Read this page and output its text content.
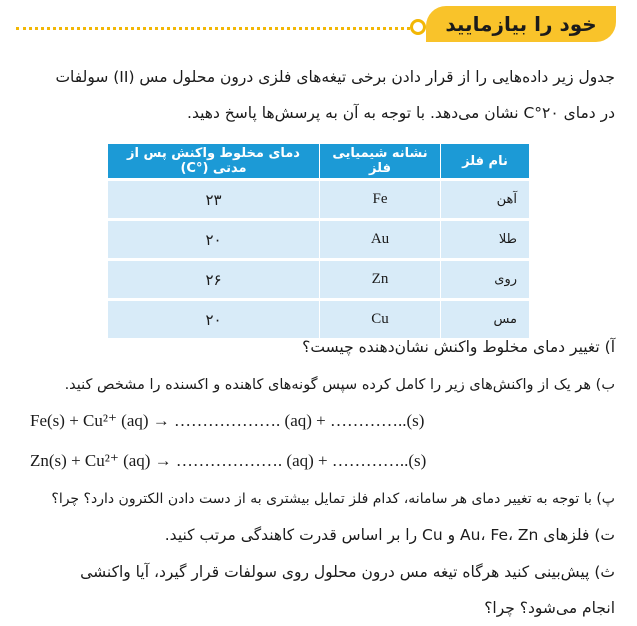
خود را بیازمایید
جدول زیر داده‌هایی را از قرار دادن برخی تیغه‌های فلزی درون محلول مس (II) سولفات
در دمای ۲۰°C نشان می‌دهد. با توجه به آن به پرسش‌ها پاسخ دهید.
نام فلز	نشانه شیمیایی فلز	دمای مخلوط واکنش پس از مدتی (°C)
آهن	Fe	۲۳
طلا	Au	۲۰
روی	Zn	۲۶
مس	Cu	۲۰
آ) تغییر دمای مخلوط واکنش نشان‌دهنده چیست؟
ب) هر یک از واکنش‌های زیر را کامل کرده سپس گونه‌های کاهنده و اکسنده را مشخص کنید.
Fe(s) + Cu²⁺ (aq) → ………………. (aq) + …………..(s)
Zn(s) + Cu²⁺ (aq) → ………………. (aq) + …………..(s)
پ) با توجه به تغییر دمای هر سامانه، کدام فلز تمایل بیشتری به از دست دادن الکترون دارد؟ چرا؟
ت) فلزهای Au، Fe، Zn و Cu را بر اساس قدرت کاهندگی مرتب کنید.
ث) پیش‌بینی کنید هرگاه تیغه مس درون محلول روی سولفات قرار گیرد، آیا واکنشی
انجام می‌شود؟ چرا؟
